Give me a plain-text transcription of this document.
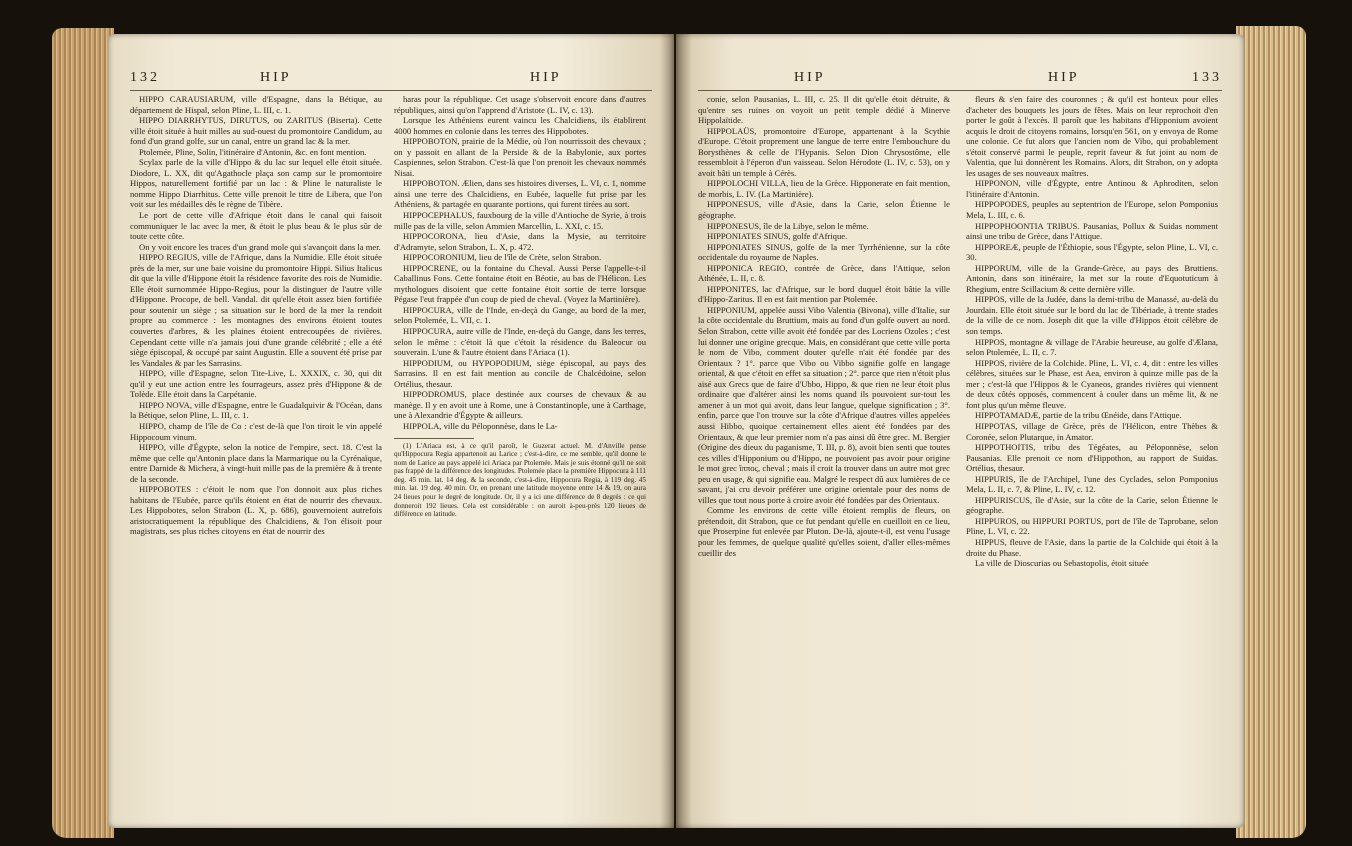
132	HIP	HIP

HIPPO CARAUSIARUM, ville d'Espagne, dans la Bétique, au département de Hispal, selon Pline, L. III, c. 1.

HIPPO DIARRHYTUS, DIRUTUS, ou ZARITUS (Biserta). Cette ville étoit située à huit milles au sud-ouest du promontoire Candidum, au fond d'un grand golfe, sur un canal, entre un grand lac & la mer.

Ptolemée, Pline, Solin, l'itinéraire d'Antonin, &c. en font mention.

Scylax parle de la ville d'Hippo & du lac sur lequel elle étoit située. Diodore, L. XX, dit qu'Agathocle plaça son camp sur le promontoire Hippos, naturellement fortifié par un lac : & Pline le naturaliste le nomme Hippo Diarrhitus. Cette ville prenoit le titre de Libera, que l'on voit sur les médailles dès le règne de Tibère.

Le port de cette ville d'Afrique étoit dans le canal qui faisoit communiquer le lac avec la mer, & étoit le plus beau & le plus sûr de toute cette côte.

On y voit encore les traces d'un grand mole qui s'avançoit dans la mer.

HIPPO REGIUS, ville de l'Afrique, dans la Numidie. Elle étoit située près de la mer, sur une baie voisine du promontoire Hippi. Silius Italicus dit que la ville d'Hippone étoit la résidence favorite des rois de Numidie. Elle étoit surnommée Hippo-Regius, pour la distinguer de l'autre ville d'Hippone. Procope, de bell. Vandal. dit qu'elle étoit assez bien fortifiée pour soutenir un siège ; sa situation sur le bord de la mer la rendoit propre au commerce : les montagnes des environs étoient toutes couvertes d'arbres, & les plaines étoient entrecoupées de rivières. Cependant cette ville n'a jamais joui d'une grande célébrité ; elle a été siège épiscopal, & occupé par saint Augustin. Elle a souvent été prise par les Vandales & par les Sarrasins.

HIPPO, ville d'Espagne, selon Tite-Live, L. XXXIX, c. 30, qui dit qu'il y eut une action entre les fourrageurs, assez près d'Hippone & de Tolède. Elle étoit dans la Carpétanie.

HIPPO NOVA, ville d'Espagne, entre le Guadalquivir & l'Océan, dans la Bétique, selon Pline, L. III, c. 1.

HIPPO, champ de l'île de Co : c'est de-là que l'on tiroit le vin appelé Hippocoum vinum.

HIPPO, ville d'Égypte, selon la notice de l'empire, sect. 18. C'est la même que celle qu'Antonin place dans la Marmarique ou la Cyrénaïque, entre Darnide & Michera, à vingt-huit mille pas de la première & à trente de la seconde.

HIPPOBOTES : c'étoit le nom que l'on donnoit aux plus riches habitans de l'Eubée, parce qu'ils étoient en état de nourrir des chevaux. Les Hippobotes, selon Strabon (L. X, p. 686), gouvernoient autrefois aristocratiquement la république des Chalcidiens, & l'on élisoit pour magistrats, ses plus riches citoyens en état de nourrir des

haras pour la république. Cet usage s'observoit encore dans d'autres républiques, ainsi qu'on l'apprend d'Aristote (L. IV, c. 13).

Lorsque les Athéniens eurent vaincu les Chalcidiens, ils établirent 4000 hommes en colonie dans les terres des Hippobotes.

HIPPOBOTON, prairie de la Médie, où l'on nourrissoit des chevaux ; on y passoit en allant de la Perside & de la Babylonie, aux portes Caspiennes, selon Strabon. C'est-là que l'on prenoit les chevaux nommés Nisai.

HIPPOBOTON. Ælien, dans ses histoires diverses, L. VI, c. 1, nomme ainsi une terre des Chalcidiens, en Eubée, laquelle fut prise par les Athéniens, & partagée en quarante portions, qui furent tirées au sort.

HIPPOCEPHALUS, fauxbourg de la ville d'Antioche de Syrie, à trois mille pas de la ville, selon Ammien Marcellin, L. XXI, c. 15.

HIPPOCORONA, lieu d'Asie, dans la Mysie, au territoire d'Adramyte, selon Strabon, L. X, p. 472.

HIPPOCORONIUM, lieu de l'île de Crète, selon Strabon.

HIPPOCRENE, ou la fontaine du Cheval. Aussi Perse l'appelle-t-il Caballinus Fons. Cette fontaine étoit en Béotie, au bas de l'Hélicon. Les mythologues disoient que cette fontaine étoit sortie de terre lorsque Pégase l'eut frappée d'un coup de pied de cheval. (Voyez la Martinière).

HIPPOCURA, ville de l'Inde, en-deçà du Gange, au bord de la mer, selon Ptolemée, L. VII, c. 1.

HIPPOCURA, autre ville de l'Inde, en-deçà du Gange, dans les terres, selon le même : c'étoit là que c'étoit la résidence du Baleocur ou souverain. L'une & l'autre étoient dans l'Ariaca (1).

HIPPODIUM, ou HYPOPODIUM, siège épiscopal, au pays des Sarrasins. Il en est fait mention au concile de Chalcédoine, selon Ortélius, thesaur.

HIPPODROMUS, place destinée aux courses de chevaux & au manège. Il y en avoit une à Rome, une à Constantinople, une à Carthage, une à Alexandrie d'Égypte & ailleurs.

HIPPOLA, ville du Péloponnèse, dans le La-

(1) L'Ariaca est, à ce qu'il paroît, le Guzerat actuel. M. d'Anville pense qu'Hippocura Regia appartenoit au Larice ; c'est-à-dire, ce me semble, qu'il donne le nom de Larice au pays appelé ici Ariaca par Ptolemée. Mais je suis étonné qu'il ne soit pas frappé de la différence des longitudes. Ptolemée place la première Hippocura à 111 deg. 45 min. lat. 14 deg. & la seconde, c'est-à-dire, Hippocura Regia, à 119 deg. 45 min. lat. 19 deg. 40 min. Or, en prenant une latitude moyenne entre 14 & 19, on aura 24 lieues pour le degré de longitude. Or, il y a ici une différence de 8 degrés : ce qui donneroit 192 lieues. Cela est considérable : on auroit à-peu-près 120 lieues de différence en latitude.

HIP	HIP	133

conie, selon Pausanias, L. III, c. 25. Il dit qu'elle étoit détruite, & qu'entre ses ruines on voyoit un petit temple dédié à Minerve Hippolaïtide.

HIPPOLAÜS, promontoire d'Europe, appartenant à la Scythie d'Europe. C'étoit proprement une langue de terre entre l'embouchure du Borysthènes & celle de l'Hypanis. Selon Dion Chrysostôme, elle ressembloit à l'éperon d'un vaisseau. Selon Hérodote (L. IV, c. 53), on y avoit bâti un temple à Cérès.

HIPPOLOCHI VILLA, lieu de la Grèce. Hipponerate en fait mention, de morbis, L. IV. (La Martinière).

HIPPONESUS, ville d'Asie, dans la Carie, selon Étienne le géographe.

HIPPONESUS, île de la Libye, selon le même.

HIPPONIATES SINUS, golfe d'Afrique.

HIPPONIATES SINUS, golfe de la mer Tyrrhénienne, sur la côte occidentale du royaume de Naples.

HIPPONICA REGIO, contrée de Grèce, dans l'Attique, selon Athénée, L. II, c. 8.

HIPPONITES, lac d'Afrique, sur le bord duquel étoit bâtie la ville d'Hippo-Zaritus. Il en est fait mention par Ptolemée.

HIPPONIUM, appelée aussi Vibo Valentia (Bivona), ville d'Italie, sur la côte occidentale du Bruttium, mais au fond d'un golfe ouvert au nord. Selon Strabon, cette ville avoit été fondée par des Locriens Ozoles ; c'est lui donner une origine grecque. Mais, en considérant que cette ville porta le nom de Vibo, comment douter qu'elle n'ait été fondée par des Orientaux ? 1°. parce que Vibo ou Vibbo signifie golfe en langage oriental, & que c'étoit en effet sa situation ; 2°. parce que rien n'étoit plus aisé aux Grecs que de faire d'Ubbo, Hippo, & que rien ne leur étoit plus ordinaire que d'altérer ainsi les noms quand ils pouvoient sur-tout les amener à un mot qui avoit, dans leur langue, quelque signification ; 3°. enfin, parce que l'on trouve sur la côte d'Afrique d'autres villes appelées aussi Hibbo, quoique certainement elles aient été fondées par des Orientaux, & que leur premier nom n'a pas ainsi dû être grec. M. Bergier (Origine des dieux du paganisme, T. III, p. 8), avoit bien senti que toutes ces villes d'Hipponium ou d'Hippo, ne pouvoient pas avoir pour origine le mot grec ἵππος, cheval ; mais il croit la trouver dans un autre mot grec peu en usage, & qui signifie eau. Malgré le respect dû aux lumières de ce savant, j'ai cru devoir préférer une origine orientale pour des noms de villes que tout nous porte à croire avoir été fondées par des Orientaux.

Comme les environs de cette ville étoient remplis de fleurs, on prétendoit, dit Strabon, que ce fut pendant qu'elle en cueilloit en ce lieu, que Proserpine fut enlevée par Pluton. De-là, ajoute-t-il, est venu l'usage pour les femmes, de quelque qualité qu'elles soient, d'aller elles-mêmes cueillir des

fleurs & s'en faire des couronnes ; & qu'il est honteux pour elles d'acheter des bouquets les jours de fêtes. Mais on leur reprochoit d'en porter le goût à l'excès. Il paroît que les habitans d'Hipponium avoient acquis le droit de citoyens romains, lorsqu'en 561, on y envoya de Rome une colonie. Ce fut alors que l'ancien nom de Vibo, qui probablement s'étoit conservé parmi le peuple, reprit faveur & fut joint au nom de Valentia, que lui donnèrent les Romains. Alors, dit Strabon, on y adopta les usages de ses nouveaux maîtres.

HIPPONON, ville d'Égypte, entre Antinou & Aphroditen, selon l'itinéraire d'Antonin.

HIPPOPODES, peuples au septentrion de l'Europe, selon Pomponius Mela, L. III, c. 6.

HIPPOPHOONTIA TRIBUS. Pausanias, Pollux & Suidas nomment ainsi une tribu de Grèce, dans l'Attique.

HIPPOREÆ, peuple de l'Éthiopie, sous l'Égypte, selon Pline, L. VI, c. 30.

HIPPORUM, ville de la Grande-Grèce, au pays des Bruttiens. Antonin, dans son itinéraire, la met sur la route d'Equotuticum à Rhegium, entre Scillacium & cette dernière ville.

HIPPOS, ville de la Judée, dans la demi-tribu de Manassé, au-delà du Jourdain. Elle étoit située sur le bord du lac de Tibériade, à trente stades de la ville de ce nom. Joseph dit que la ville d'Hippos étoit célèbre de son temps.

HIPPOS, montagne & village de l'Arabie heureuse, au golfe d'Ælana, selon Ptolemée, L. II, c. 7.

HIPPOS, rivière de la Colchide. Pline, L. VI, c. 4, dit : entre les villes célèbres, situées sur le Phase, est Aea, environ à quinze mille pas de la mer ; c'est-là que l'Hippos & le Cyaneos, grandes rivières qui viennent de deux côtés opposés, commencent à couler dans un même lit, & ne font plus qu'un même fleuve.

HIPPOTAMADÆ, partie de la tribu Œnéide, dans l'Attique.

HIPPOTAS, village de Grèce, près de l'Hélicon, entre Thèbes & Coronée, selon Plutarque, in Amator.

HIPPOTHOITIS, tribu des Tégéates, au Péloponnèse, selon Pausanias. Elle prenoit ce nom d'Hippothon, au rapport de Suidas. Ortélius, thesaur.

HIPPURIS, île de l'Archipel, l'une des Cyclades, selon Pomponius Mela, L. II, c. 7, & Pline, L. IV, c. 12.

HIPPURISCUS, île d'Asie, sur la côte de la Carie, selon Étienne le géographe.

HIPPUROS, ou HIPPURI PORTUS, port de l'île de Taprobane, selon Pline, L. VI, c. 22.

HIPPUS, fleuve de l'Asie, dans la partie de la Colchide qui étoit à la droite du Phase.

La ville de Dioscurias ou Sebastopolis, étoit située
